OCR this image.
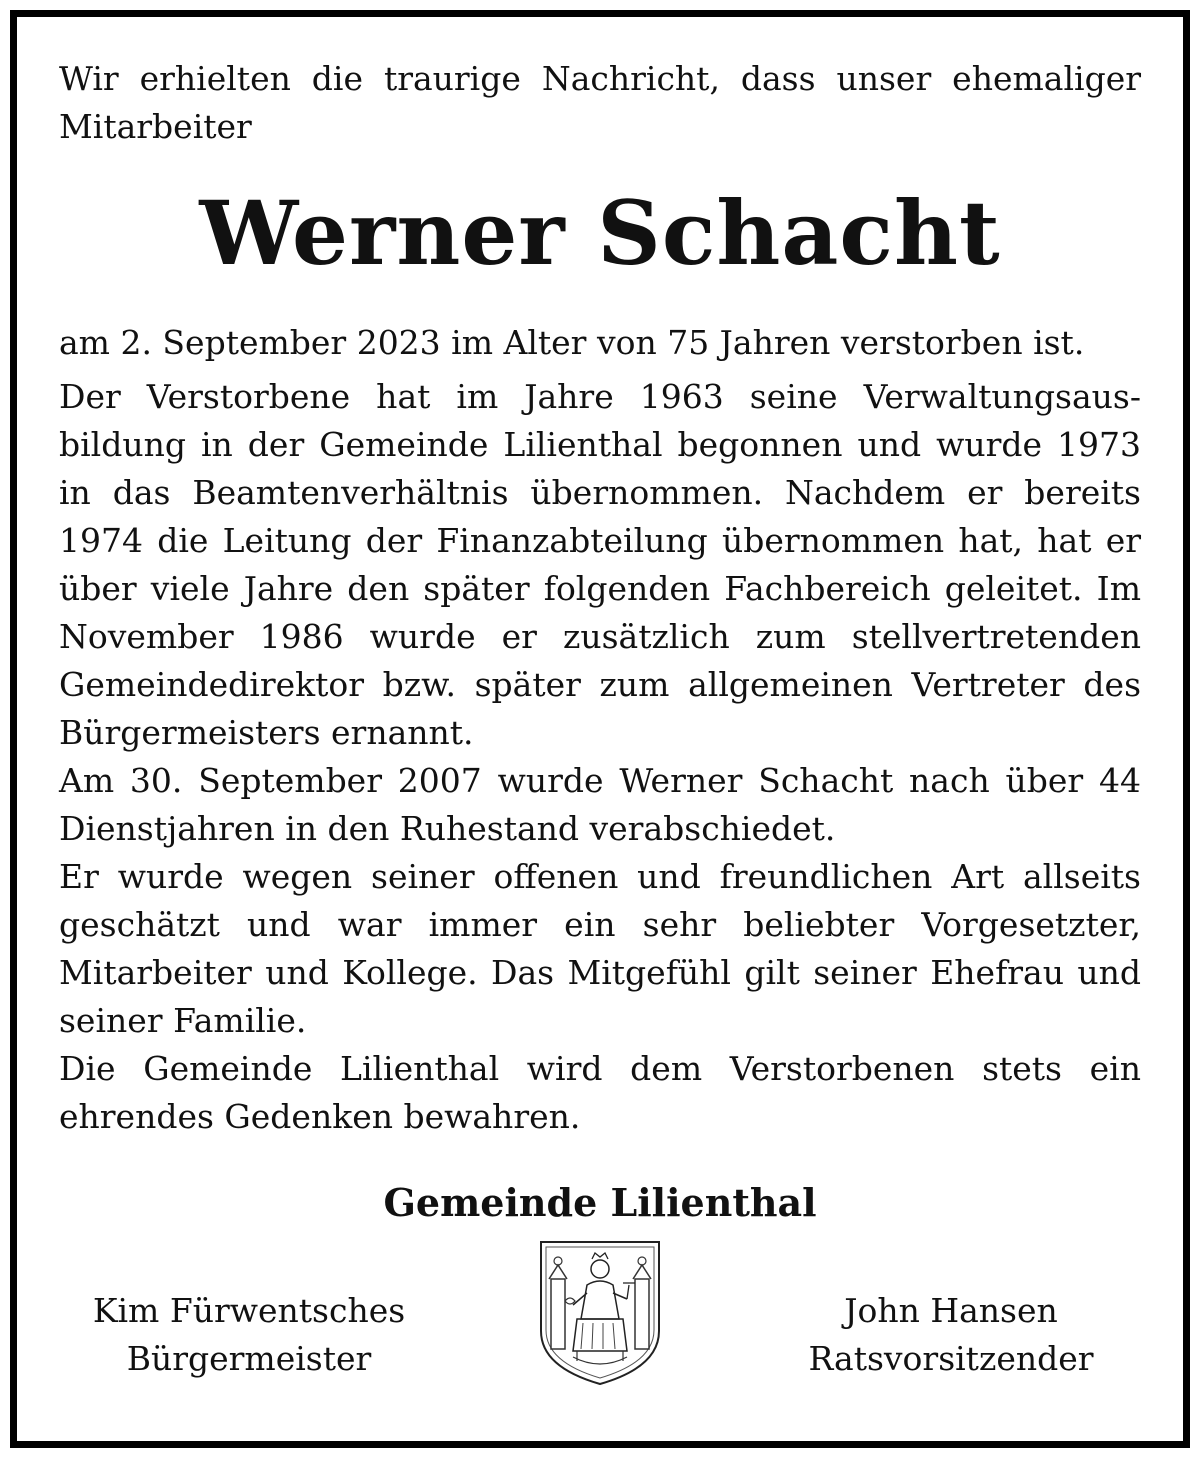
Wir erhielten die traurige Nachricht, dass unser ehemaliger Mitarbeiter

Werner Schacht

am 2. September 2023 im Alter von 75 Jahren verstorben ist.

Der Verstorbene hat im Jahre 1963 seine Verwaltungsausbildung in der Gemeinde Lilienthal begonnen und wurde 1973 in das Beamtenverhältnis übernommen. Nachdem er bereits 1974 die Leitung der Finanzabteilung übernommen hat, hat er über viele Jahre den später folgenden Fachbereich geleitet. Im November 1986 wurde er zusätzlich zum stellvertretenden Gemeindedirektor bzw. später zum allgemeinen Vertreter des Bürgermeisters ernannt.

Am 30. September 2007 wurde Werner Schacht nach über 44 Dienstjahren in den Ruhestand verabschiedet.

Er wurde wegen seiner offenen und freundlichen Art allseits geschätzt und war immer ein sehr beliebter Vorgesetzter, Mitarbeiter und Kollege. Das Mitgefühl gilt seiner Ehefrau und seiner Familie.

Die Gemeinde Lilienthal wird dem Verstorbenen stets ein ehrendes Gedenken bewahren.

Gemeinde Lilienthal
Kim Fürwentsches
Bürgermeister
John Hansen
Ratsvorsitzender
